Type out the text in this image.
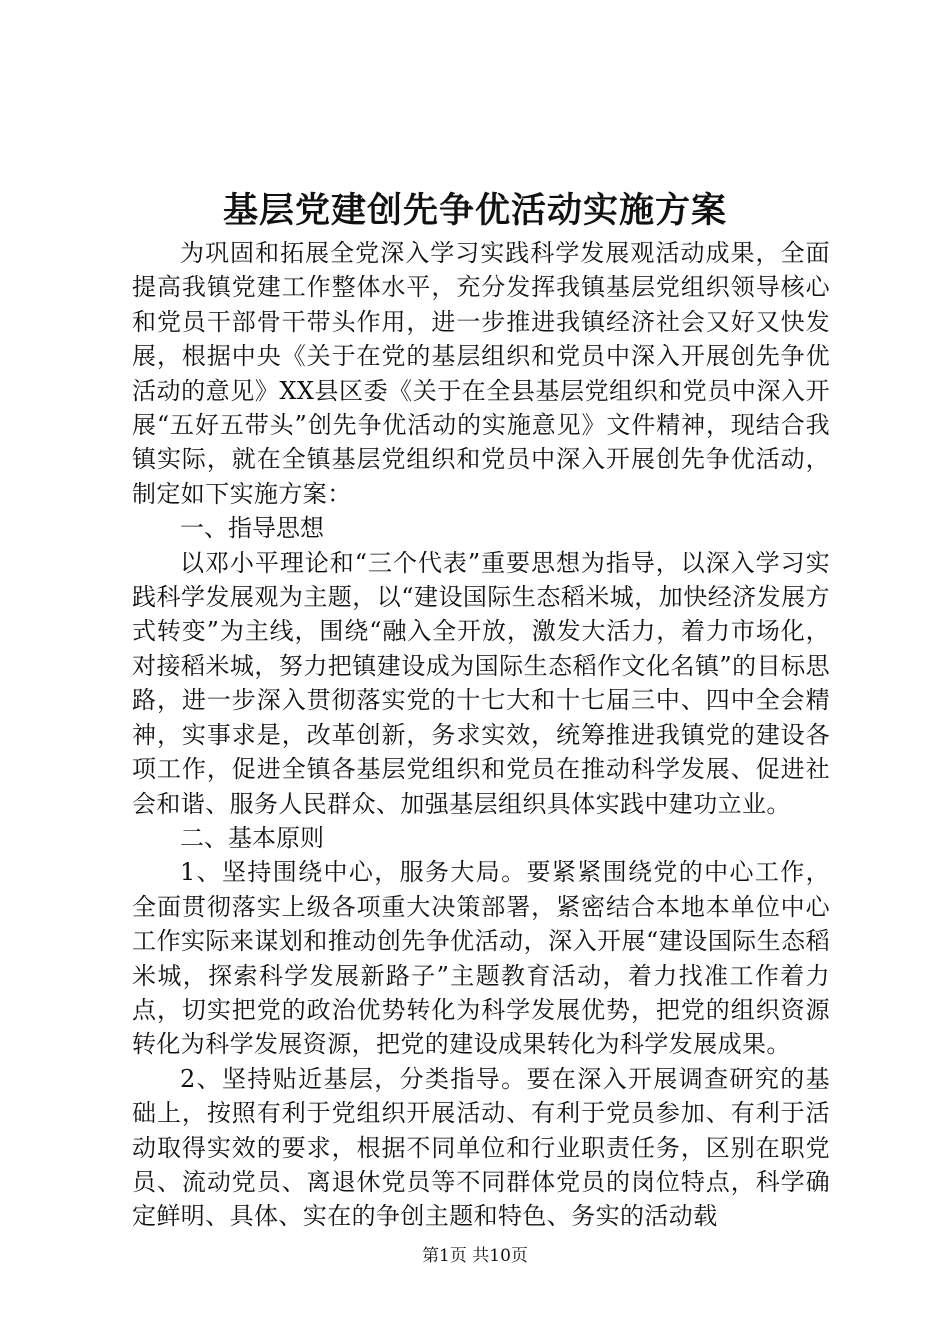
基层党建创先争优活动实施方案

为巩固和拓展全党深入学习实践科学发展观活动成果，全面提高我镇党建工作整体水平，充分发挥我镇基层党组织领导核心和党员干部骨干带头作用，进一步推进我镇经济社会又好又快发展，根据中央《关于在党的基层组织和党员中深入开展创先争优活动的意见》XX县区委《关于在全县基层党组织和党员中深入开展“五好五带头”创先争优活动的实施意见》文件精神，现结合我镇实际，就在全镇基层党组织和党员中深入开展创先争优活动，制定如下实施方案：

一、指导思想

以邓小平理论和“三个代表”重要思想为指导，以深入学习实践科学发展观为主题，以“建设国际生态稻米城，加快经济发展方式转变”为主线，围绕“融入全开放，激发大活力，着力市场化，对接稻米城，努力把镇建设成为国际生态稻作文化名镇”的目标思路，进一步深入贯彻落实党的十七大和十七届三中、四中全会精神，实事求是，改革创新，务求实效，统筹推进我镇党的建设各项工作，促进全镇各基层党组织和党员在推动科学发展、促进社会和谐、服务人民群众、加强基层组织具体实践中建功立业。

二、基本原则

1、坚持围绕中心，服务大局。要紧紧围绕党的中心工作，全面贯彻落实上级各项重大决策部署，紧密结合本地本单位中心工作实际来谋划和推动创先争优活动，深入开展“建设国际生态稻米城，探索科学发展新路子”主题教育活动，着力找准工作着力点，切实把党的政治优势转化为科学发展优势，把党的组织资源转化为科学发展资源，把党的建设成果转化为科学发展成果。

2、坚持贴近基层，分类指导。要在深入开展调查研究的基础上，按照有利于党组织开展活动、有利于党员参加、有利于活动取得实效的要求，根据不同单位和行业职责任务，区别在职党员、流动党员、离退休党员等不同群体党员的岗位特点，科学确定鲜明、具体、实在的争创主题和特色、务实的活动载

第1页 共10页
